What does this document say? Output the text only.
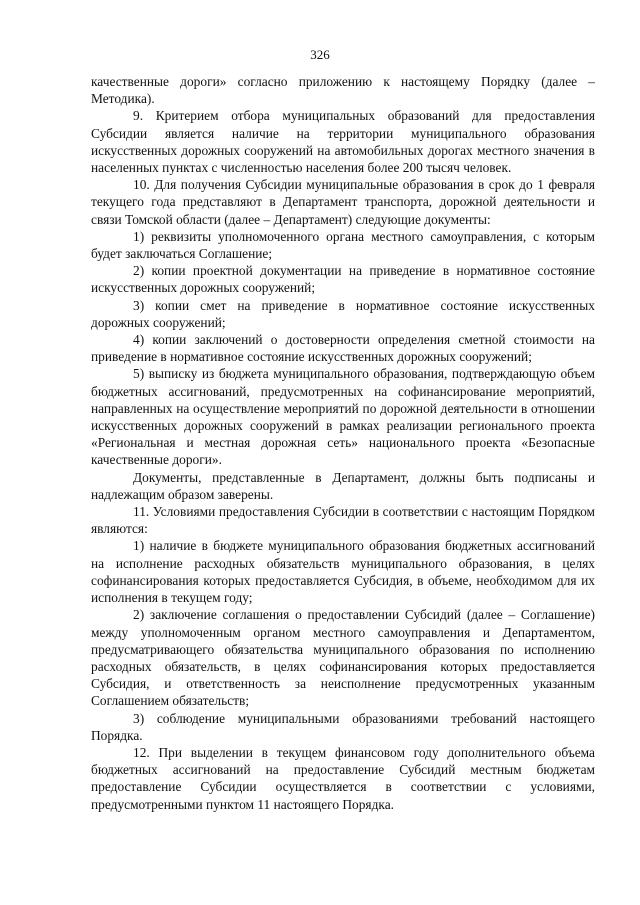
326

качественные дороги» согласно приложению к настоящему Порядку (далее – Методика).

9. Критерием отбора муниципальных образований для предоставления Субсидии является наличие на территории муниципального образования искусственных дорожных сооружений на автомобильных дорогах местного значения в населенных пунктах с численностью населения более 200 тысяч человек.

10. Для получения Субсидии муниципальные образования в срок до 1 февраля текущего года представляют в Департамент транспорта, дорожной деятельности и связи Томской области (далее – Департамент) следующие документы:

1) реквизиты уполномоченного органа местного самоуправления, с которым будет заключаться Соглашение;

2) копии проектной документации на приведение в нормативное состояние искусственных дорожных сооружений;

3) копии смет на приведение в нормативное состояние искусственных дорожных сооружений;

4) копии заключений о достоверности определения сметной стоимости на приведение в нормативное состояние искусственных дорожных сооружений;

5) выписку из бюджета муниципального образования, подтверждающую объем бюджетных ассигнований, предусмотренных на софинансирование мероприятий, направленных на осуществление мероприятий по дорожной деятельности в отношении искусственных дорожных сооружений в рамках реализации регионального проекта «Региональная и местная дорожная сеть» национального проекта «Безопасные качественные дороги».

Документы, представленные в Департамент, должны быть подписаны и надлежащим образом заверены.

11. Условиями предоставления Субсидии в соответствии с настоящим Порядком являются:

1) наличие в бюджете муниципального образования бюджетных ассигнований на исполнение расходных обязательств муниципального образования, в целях софинансирования которых предоставляется Субсидия, в объеме, необходимом для их исполнения в текущем году;

2) заключение соглашения о предоставлении Субсидий (далее – Соглашение) между уполномоченным органом местного самоуправления и Департаментом, предусматривающего обязательства муниципального образования по исполнению расходных обязательств, в целях софинансирования которых предоставляется Субсидия, и ответственность за неисполнение предусмотренных указанным Соглашением обязательств;

3) соблюдение муниципальными образованиями требований настоящего Порядка.

12. При выделении в текущем финансовом году дополнительного объема бюджетных ассигнований на предоставление Субсидий местным бюджетам предоставление Субсидии осуществляется в соответствии с условиями, предусмотренными пунктом 11 настоящего Порядка.
